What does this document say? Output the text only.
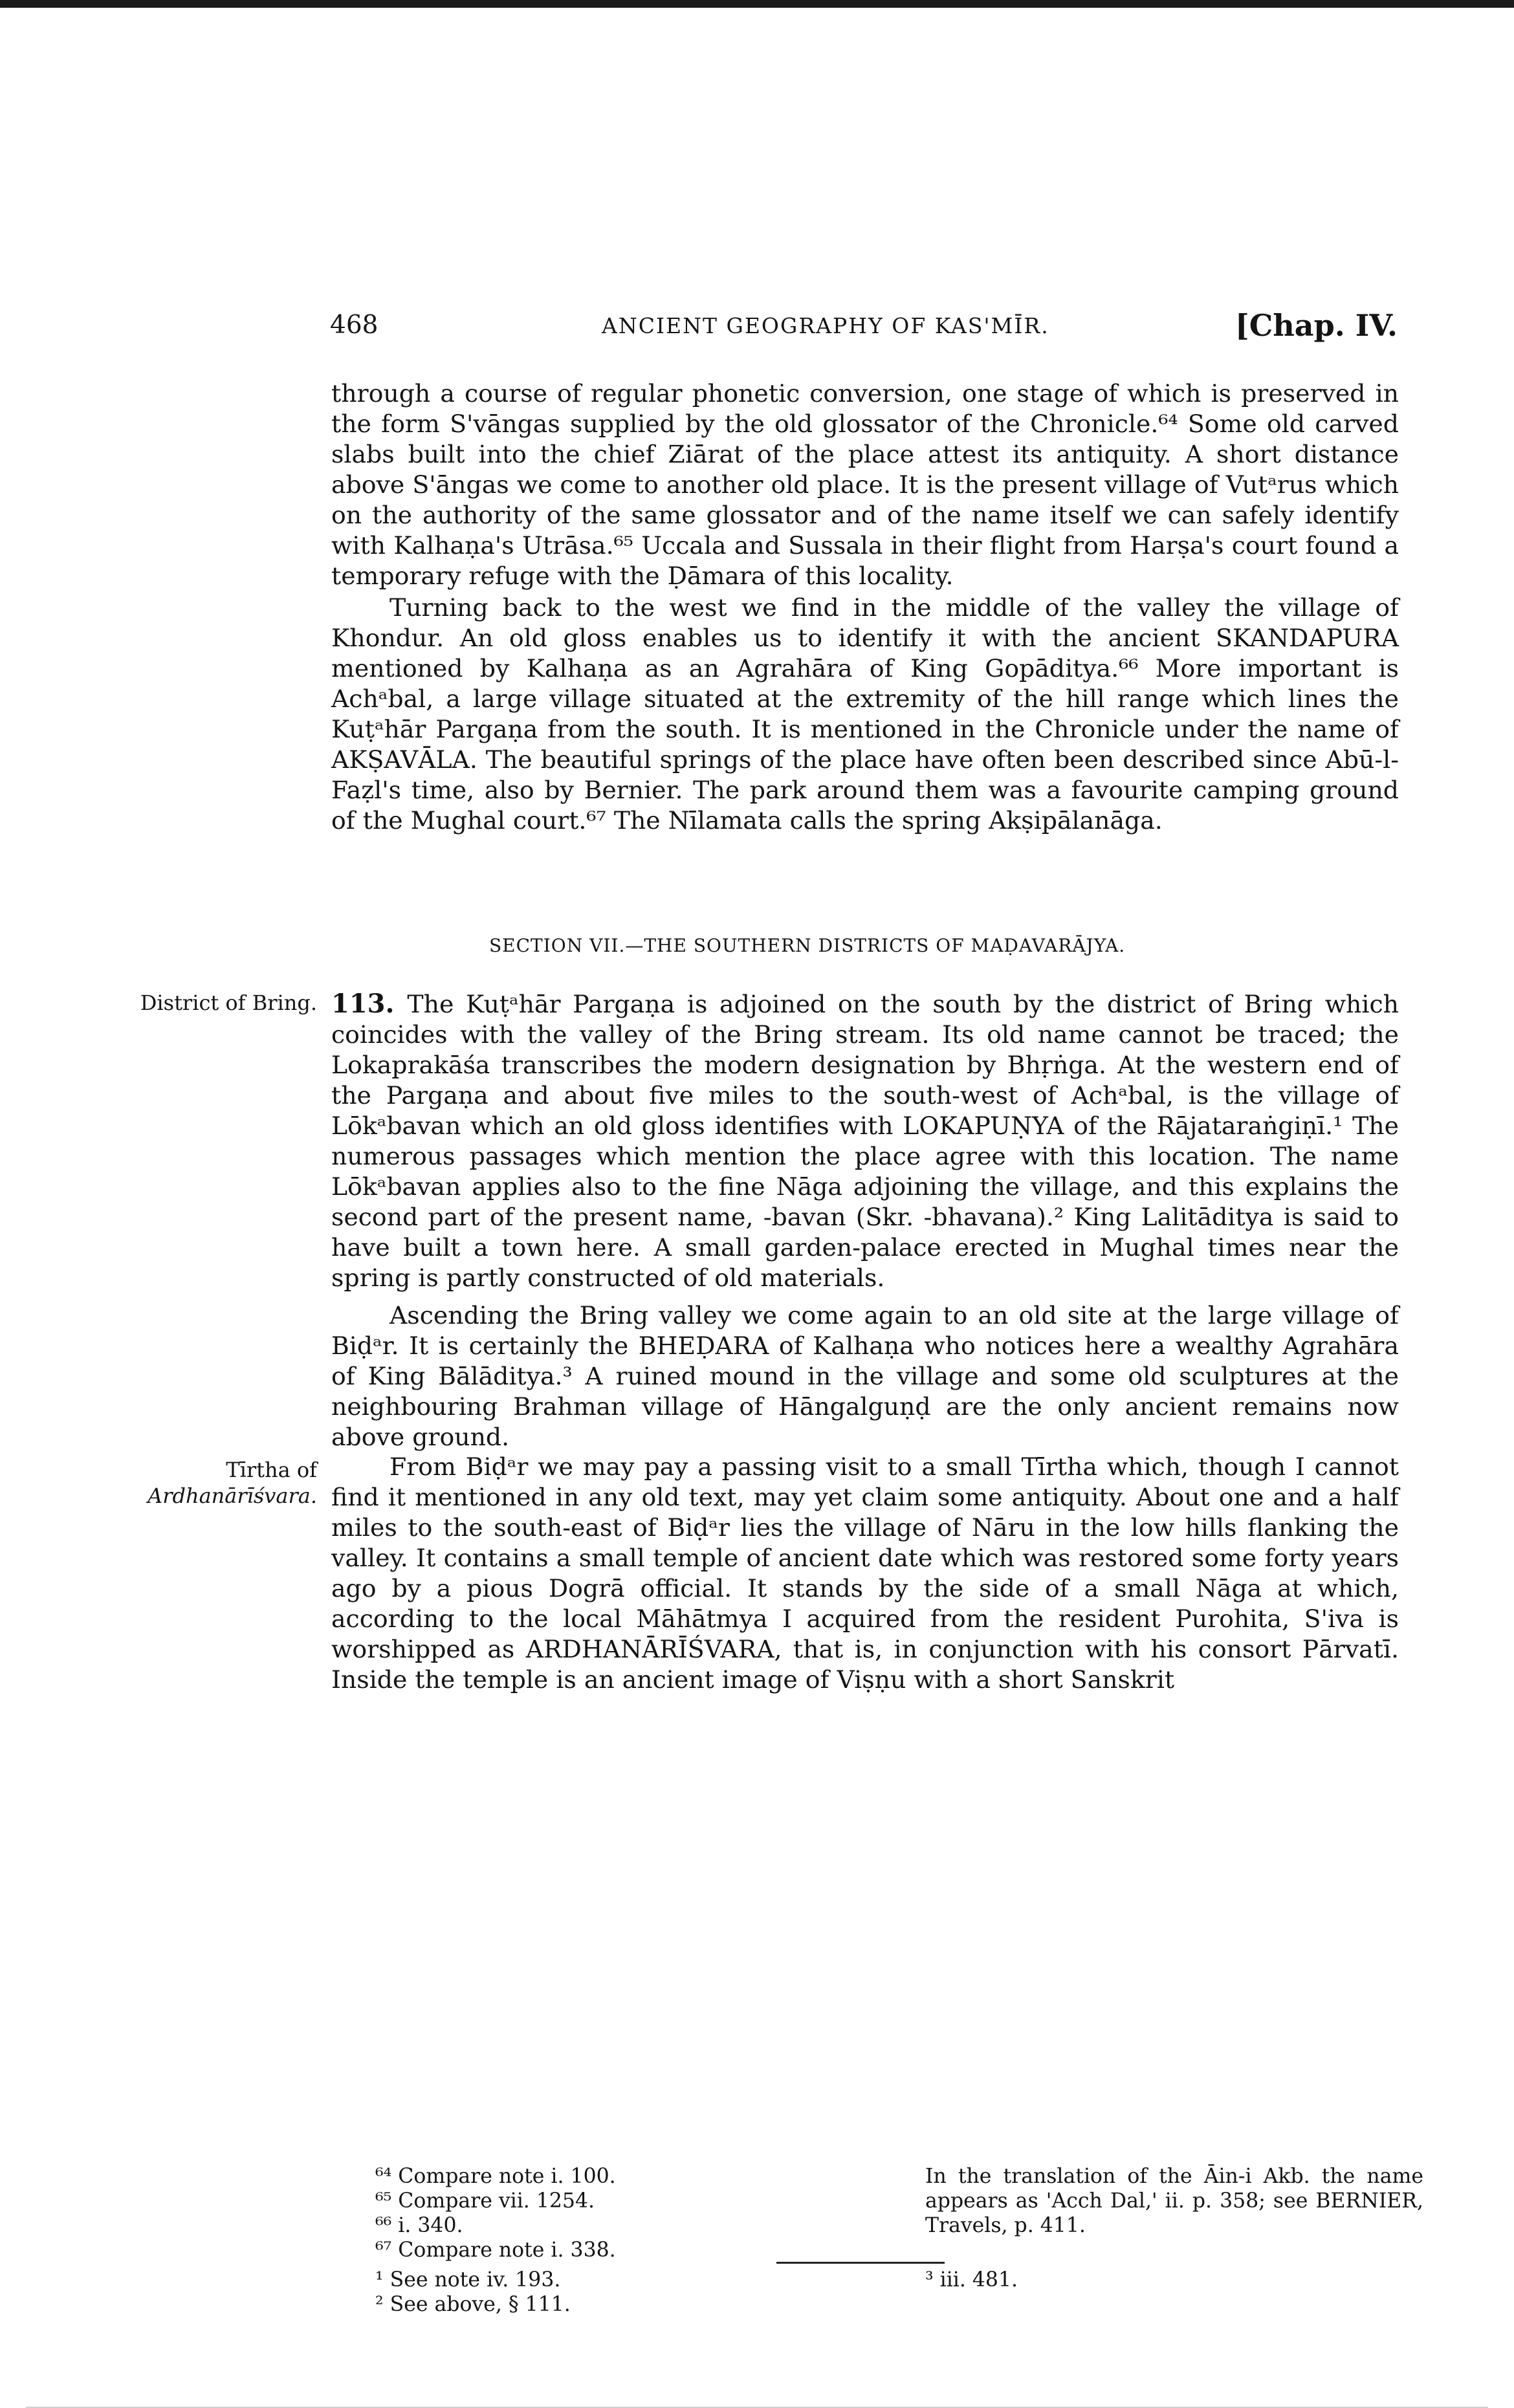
468	ANCIENT GEOGRAPHY OF KAS'MĪR.	[Chap. IV.

through a course of regular phonetic conversion, one stage of which is preserved in the form S'vāngas supplied by the old glossator of the Chronicle.⁶⁴ Some old carved slabs built into the chief Ziārat of the place attest its antiquity. A short distance above S'āngas we come to another old place. It is the present village of Vutᵃrus which on the authority of the same glossator and of the name itself we can safely identify with Kalhaṇa's Utrāsa.⁶⁵ Uccala and Sussala in their flight from Harṣa's court found a temporary refuge with the Ḍāmara of this locality.

Turning back to the west we find in the middle of the valley the village of Khondur. An old gloss enables us to identify it with the ancient SKANDAPURA mentioned by Kalhaṇa as an Agrahāra of King Gopāditya.⁶⁶ More important is Achᵃbal, a large village situated at the extremity of the hill range which lines the Kuṭᵃhār Pargaṇa from the south. It is mentioned in the Chronicle under the name of AKṢAVĀLA. The beautiful springs of the place have often been described since Abū-l-Faẓl's time, also by Bernier. The park around them was a favourite camping ground of the Mughal court.⁶⁷ The Nīlamata calls the spring Akṣipālanāga.

SECTION VII.—THE SOUTHERN DISTRICTS OF MAḌAVARĀJYA.
District of Bring. 113. The Kuṭᵃhār Pargaṇa is adjoined on the south by the district of Bring which coincides with the valley of the Bring stream. Its old name cannot be traced; the Lokaprakāśa transcribes the modern designation by Bhṛṅga. At the western end of the Pargaṇa and about five miles to the south-west of Achᵃbal, is the village of Lōkᵃbavan which an old gloss identifies with LOKAPUṆYA of the Rājataraṅgiṇī.¹ The numerous passages which mention the place agree with this location. The name Lōkᵃbavan applies also to the fine Nāga adjoining the village, and this explains the second part of the present name, -bavan (Skr. -bhavana).² King Lalitāditya is said to have built a town here. A small garden-palace erected in Mughal times near the spring is partly constructed of old materials.

Ascending the Bring valley we come again to an old site at the large village of Biḍᵃr. It is certainly the BHEḌARA of Kalhaṇa who notices here a wealthy Agrahāra of King Bālāditya.³ A ruined mound in the village and some old sculptures at the neighbouring Brahman village of Hāngalguṇḍ are the only ancient remains now above ground.

Tīrtha of
Ardhanārīśvara.

From Biḍᵃr we may pay a passing visit to a small Tīrtha which, though I cannot find it mentioned in any old text, may yet claim some antiquity. About one and a half miles to the south-east of Biḍᵃr lies the village of Nāru in the low hills flanking the valley. It contains a small temple of ancient date which was restored some forty years ago by a pious Dogrā official. It stands by the side of a small Nāga at which, according to the local Māhātmya I acquired from the resident Purohita, S'iva is worshipped as ARDHANĀRĪŚVARA, that is, in conjunction with his consort Pārvatī. Inside the temple is an ancient image of Viṣṇu with a short Sanskrit

⁶⁴ Compare note i. 100.
⁶⁵ Compare vii. 1254.
⁶⁶ i. 340.
⁶⁷ Compare note i. 338.
In the translation of the Āin-i Akb. the name appears as 'Acch Dal,' ii. p. 358; see BERNIER, Travels, p. 411.
¹ See note iv. 193.
² See above, § 111.
³ iii. 481.
